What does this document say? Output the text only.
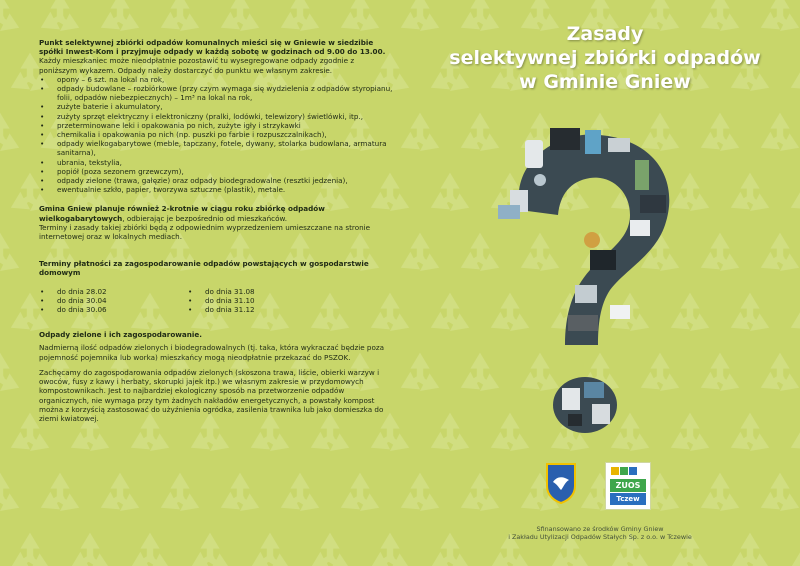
Punkt selektywnej zbiórki odpadów komunalnych mieści się w Gniewie w siedzibie spółki Inwest-Kom i przyjmuje odpady w każdą sobotę w godzinach od 9.00 do 13.00.

Każdy mieszkaniec może nieodpłatnie pozostawić tu wysegregowane odpady zgodnie z poniższym wykazem. Odpady należy dostarczyć do punktu we własnym zakresie.

• opony – 6 szt. na lokal na rok,
• odpady budowlane – rozbiórkowe (przy czym wymaga się wydzielenia z odpadów styropianu, folii, odpadów niebezpiecznych) – 1m³ na lokal na rok,
• zużyte baterie i akumulatory,
• zużyty sprzęt elektryczny i elektroniczny (pralki, lodówki, telewizory) świetlówki, itp.,
• przeterminowane leki i opakowania po nich, zużyte igły i strzykawki
• chemikalia i opakowania po nich (np. puszki po farbie i rozpuszczalnikach),
• odpady wielkogabarytowe (meble, tapczany, fotele, dywany, stolarka budowlana, armatura sanitarna),
• ubrania, tekstylia,
• popiół (poza sezonem grzewczym),
• odpady zielone (trawa, gałęzie) oraz odpady biodegradowalne (resztki jedzenia),
• ewentualnie szkło, papier, tworzywa sztuczne (plastik), metale.

Gmina Gniew planuje również 2-krotnie w ciągu roku zbiórkę odpadów wielkogabarytowych, odbierając je bezpośrednio od mieszkańców.

Terminy i zasady takiej zbiórki będą z odpowiednim wyprzedzeniem umieszczane na stronie internetowej oraz w lokalnych mediach.

Terminy płatności za zagospodarowanie odpadów powstających w gospodarstwie domowym

• do dnia 28.02
• do dnia 30.04
• do dnia 30.06
• do dnia 31.08
• do dnia 31.10
• do dnia 31.12

Odpady zielone i ich zagospodarowanie.

Nadmierną ilość odpadów zielonych i biodegradowalnych (tj. taka, która wykraczać będzie poza pojemność pojemnika lub worka) mieszkańcy mogą nieodpłatnie przekazać do PSZOK.

Zachęcamy do zagospodarowania odpadów zielonych (skoszona trawa, liście, obierki warzyw i owoców, fusy z kawy i herbaty, skorupki jajek itp.) we własnym zakresie w przydomowych kompostownikach. Jest to najbardziej ekologiczny sposób na przetworzenie odpadów organicznych, nie wymaga przy tym żadnych nakładów energetycznych, a powstały kompost można z korzyścią zastosować do użyźnienia ogródka, zasilenia trawnika lub jako domieszka do ziemi kwiatowej.

Zasady
selektywnej zbiórki odpadów
w Gminie Gniew
ZUOS
Tczew
Sfinansowano ze środków Gminy Gniew
i Zakładu Utylizacji Odpadów Stałych Sp. z o.o. w Tczewie
